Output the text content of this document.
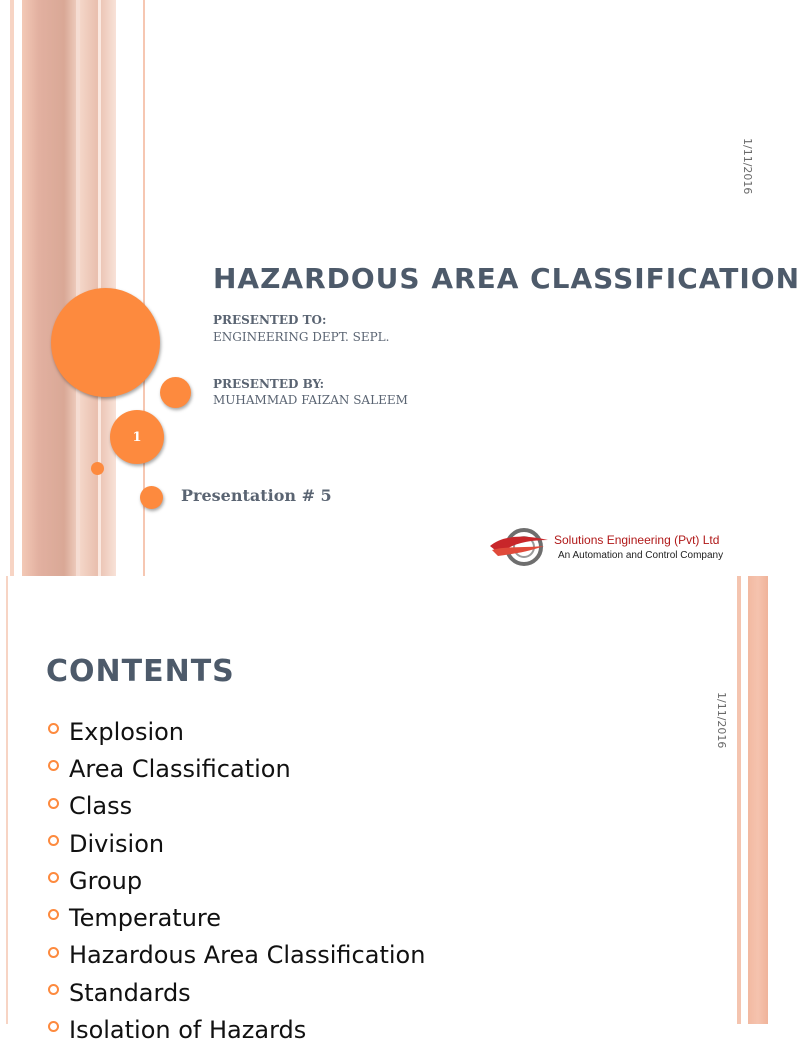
1
1/11/2016
HAZARDOUS AREA CLASSIFICATION
PRESENTED TO:
ENGINEERING DEPT. SEPL.
PRESENTED BY:
MUHAMMAD FAIZAN SALEEM
Presentation # 5
Solutions Engineering (Pvt) Ltd
An Automation and Control Company
CONTENTS
1/11/2016
Explosion
Area Classification
Class
Division
Group
Temperature
Hazardous Area Classification
Standards
Isolation of Hazards
